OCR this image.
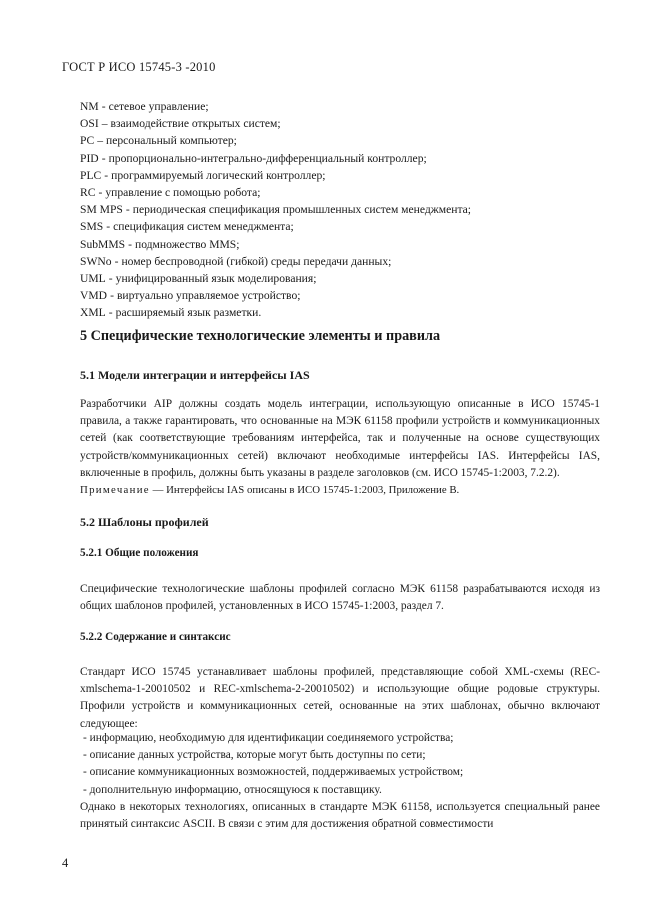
ГОСТ Р ИСО 15745-3 -2010
NM - сетевое управление;
OSI – взаимодействие открытых систем;
PC – персональный компьютер;
PID - пропорционально-интегрально-дифференциальный контроллер;
PLC - программируемый логический контроллер;
RC - управление с помощью робота;
SM MPS - периодическая спецификация промышленных систем менеджмента;
SMS - спецификация систем менеджмента;
SubMMS - подмножество MMS;
SWNo - номер беспроводной (гибкой) среды передачи данных;
UML - унифицированный язык моделирования;
VMD - виртуально управляемое устройство;
XML - расширяемый язык разметки.
5 Специфические технологические элементы и правила
5.1 Модели интеграции и интерфейсы IAS
Разработчики AIP должны создать модель интеграции, использующую описанные в ИСО 15745-1 правила, а также гарантировать, что основанные на МЭК 61158 профили устройств и коммуникационных сетей (как соответствующие требованиям интерфейса, так и полученные на основе существующих устройств/коммуникационных сетей) включают необходимые интерфейсы IAS. Интерфейсы IAS, включенные в профиль, должны быть указаны в разделе заголовков (см. ИСО 15745-1:2003, 7.2.2).
Примечание — Интерфейсы IAS описаны в ИСО 15745-1:2003, Приложение В.
5.2 Шаблоны профилей
5.2.1 Общие положения
Специфические технологические шаблоны профилей согласно МЭК 61158 разрабатываются исходя из общих шаблонов профилей, установленных в ИСО 15745-1:2003, раздел 7.
5.2.2 Содержание и синтаксис
Стандарт ИСО 15745 устанавливает шаблоны профилей, представляющие собой XML-схемы (REC-xmlschema-1-20010502 и REC-xmlschema-2-20010502) и использующие общие родовые структуры. Профили устройств и коммуникационных сетей, основанные на этих шаблонах, обычно включают следующее:
- информацию, необходимую для идентификации соединяемого устройства;
- описание данных устройства, которые могут быть доступны по сети;
- описание коммуникационных возможностей, поддерживаемых устройством;
- дополнительную информацию, относящуюся к поставщику.
Однако в некоторых технологиях, описанных в стандарте МЭК 61158, используется специальный ранее принятый синтаксис ASCII. В связи с этим для достижения обратной совместимости
4
